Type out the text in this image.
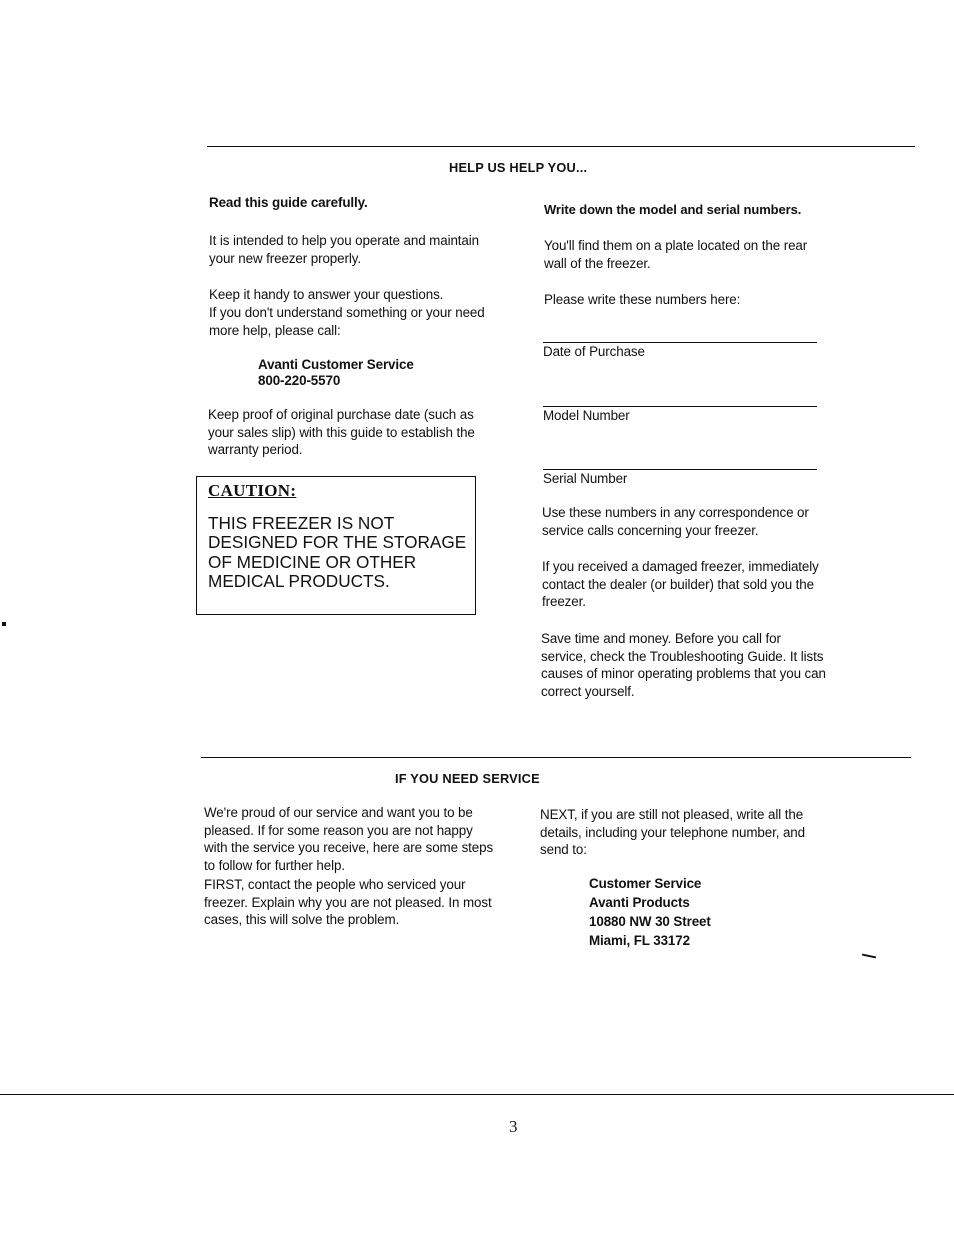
HELP US HELP YOU...
Read this guide carefully.
It is intended to help you operate and maintain your new freezer properly.
Keep it handy to answer your questions.
If you don't understand something or your need more help, please call:
Avanti Customer Service
800-220-5570
Keep proof of original purchase date (such as your sales slip) with this guide to establish the warranty period.
CAUTION:
THIS FREEZER IS NOT DESIGNED FOR THE STORAGE OF MEDICINE OR OTHER MEDICAL PRODUCTS.
Write down the model and serial numbers.
You'll find them on a plate located on the rear wall of the freezer.
Please write these numbers here:
Date of Purchase
Model Number
Serial Number
Use these numbers in any correspondence or service calls concerning your freezer.
If you received a damaged freezer, immediately contact the dealer (or builder) that sold you the freezer.
Save time and money. Before you call for service, check the Troubleshooting Guide. It lists causes of minor operating problems that you can correct yourself.
IF YOU NEED SERVICE
We're proud of our service and want you to be pleased. If for some reason you are not happy with the service you receive, here are some steps to follow for further help.
FIRST, contact the people who serviced your freezer. Explain why you are not pleased. In most cases, this will solve the problem.
NEXT, if you are still not pleased, write all the details, including your telephone number, and send to:
Customer Service
Avanti Products
10880 NW 30 Street
Miami, FL 33172
3
